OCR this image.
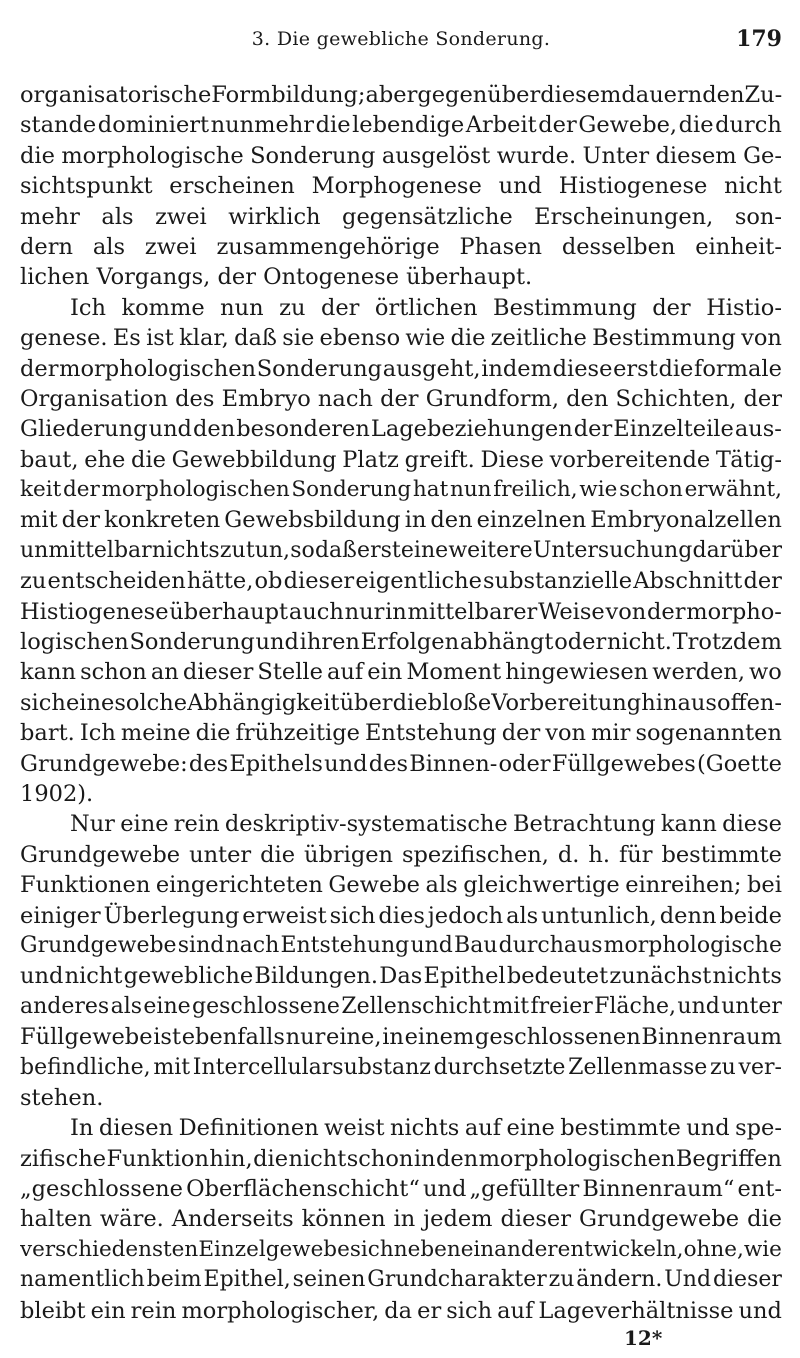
3. Die gewebliche Sonderung.	179
organisatorische Formbildung; aber gegenüber diesem dauernden Zu-
stande dominiert nunmehr die lebendige Arbeit der Gewebe, die durch
die morphologische Sonderung ausgelöst wurde. Unter diesem Ge-
sichtspunkt erscheinen Morphogenese und Histiogenese nicht
mehr als zwei wirklich gegensätzliche Erscheinungen, son-
dern als zwei zusammengehörige Phasen desselben einheit-
lichen Vorgangs, der Ontogenese überhaupt.
Ich komme nun zu der örtlichen Bestimmung der Histio-
genese. Es ist klar, daß sie ebenso wie die zeitliche Bestimmung von
der morphologischen Sonderung ausgeht, indem diese erst die formale
Organisation des Embryo nach der Grundform, den Schichten, der
Gliederung und den besonderen Lagebeziehungen der Einzelteile aus-
baut, ehe die Gewebbildung Platz greift. Diese vorbereitende Tätig-
keit der morphologischen Sonderung hat nun freilich, wie schon erwähnt,
mit der konkreten Gewebsbildung in den einzelnen Embryonalzellen
unmittelbar nichts zu tun, so daß erst eine weitere Untersuchung darüber
zu entscheiden hätte, ob dieser eigentliche substanzielle Abschnitt der
Histiogenese überhaupt auch nur in mittelbarer Weise von der morpho-
logischen Sonderung und ihren Erfolgen abhängt oder nicht. Trotzdem
kann schon an dieser Stelle auf ein Moment hingewiesen werden, wo
sich eine solche Abhängigkeit über die bloße Vorbereitung hinaus offen-
bart. Ich meine die frühzeitige Entstehung der von mir sogenannten
Grundgewebe: des Epithels und des Binnen- oder Füllgewebes (Goette
1902).
Nur eine rein deskriptiv-systematische Betrachtung kann diese
Grundgewebe unter die übrigen spezifischen, d. h. für bestimmte
Funktionen eingerichteten Gewebe als gleichwertige einreihen; bei
einiger Überlegung erweist sich dies jedoch als untunlich, denn beide
Grundgewebe sind nach Entstehung und Bau durchaus morphologische
und nicht gewebliche Bildungen. Das Epithel bedeutet zunächst nichts
anderes als eine geschlossene Zellenschicht mit freier Fläche, und unter
Füllgewebe ist ebenfalls nur eine, in einem geschlossenen Binnenraum
befindliche, mit Intercellularsubstanz durchsetzte Zellenmasse zu ver-
stehen.
In diesen Definitionen weist nichts auf eine bestimmte und spe-
zifische Funktion hin, die nicht schon in den morphologischen Begriffen
„geschlossene Oberflächenschicht“ und „gefüllter Binnenraum“ ent-
halten wäre. Anderseits können in jedem dieser Grundgewebe die
verschiedensten Einzelgewebe sich nebeneinander entwickeln, ohne, wie
namentlich beim Epithel, seinen Grundcharakter zu ändern. Und dieser
bleibt ein rein morphologischer, da er sich auf Lageverhältnisse und
12*
